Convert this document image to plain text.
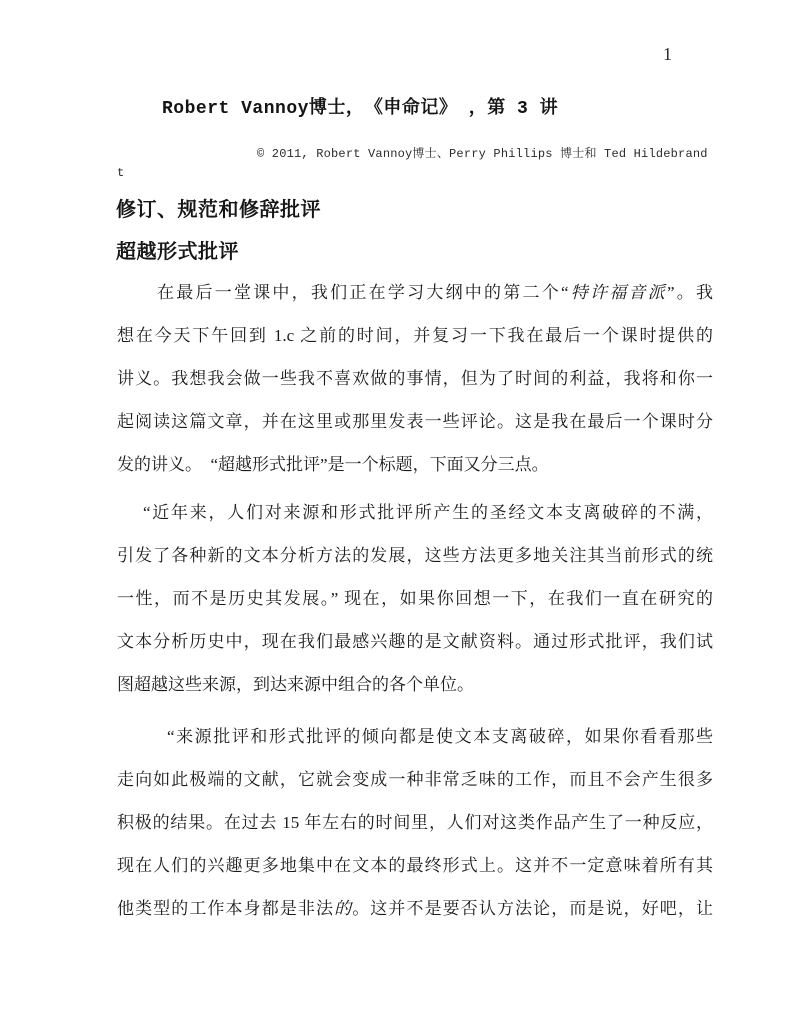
1
Robert Vannoy博士，　《申命记》 ，第 3 讲
© 2011, Robert Vannoy博士、Perry Phillips 博士和 Ted Hildebrand
t
修订、规范和修辞批评
超越形式批评
在最后一堂课中，我们正在学习大纲中的第二个“特许福音派”。我
想在今天下午回到 1.c 之前的时间，并复习一下我在最后一个课时提供的
讲义。我想我会做一些我不喜欢做的事情，但为了时间的利益，我将和你一
起阅读这篇文章，并在这里或那里发表一些评论。这是我在最后一个课时分
发的讲义。　“超越形式批评”是一个标题，下面又分三点。
“近年来，人们对来源和形式批评所产生的圣经文本支离破碎的不满，
引发了各种新的文本分析方法的发展，这些方法更多地关注其当前形式的统
一性，而不是历史其发展。” 现在，如果你回想一下，在我们一直在研究的
文本分析历史中，现在我们最感兴趣的是文献资料。通过形式批评，我们试
图超越这些来源，到达来源中组合的各个单位。
“来源批评和形式批评的倾向都是使文本支离破碎，如果你看看那些
走向如此极端的文献，它就会变成一种非常乏味的工作，而且不会产生很多
积极的结果。在过去 15 年左右的时间里，人们对这类作品产生了一种反应，
现在人们的兴趣更多地集中在文本的最终形式上。这并不一定意味着所有其
他类型的工作本身都是非法的。这并不是要否认方法论，而是说，好吧，让
